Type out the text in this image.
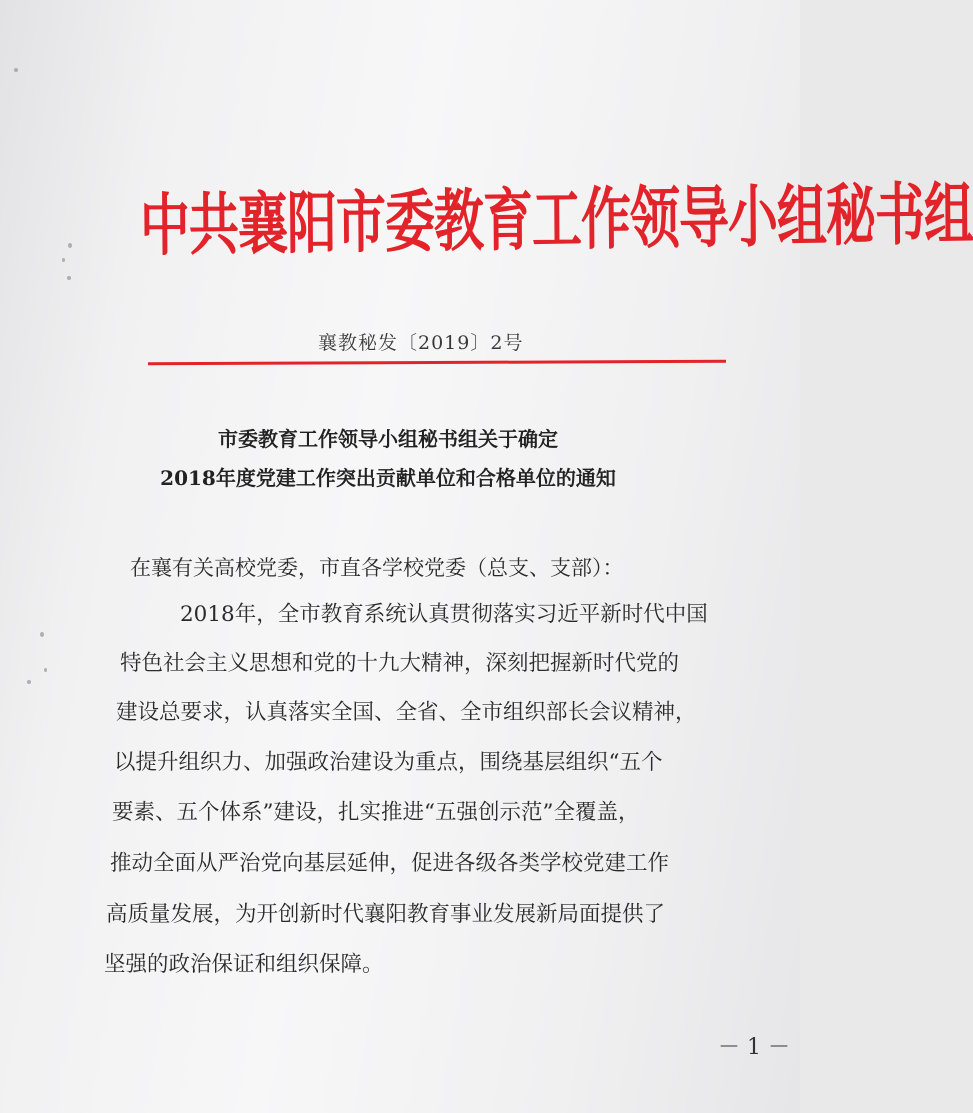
中共襄阳市委教育工作领导小组秘书组
襄教秘发〔2019〕2号
市委教育工作领导小组秘书组关于确定
2018年度党建工作突出贡献单位和合格单位的通知
在襄有关高校党委，市直各学校党委（总支、支部）：

2018年，全市教育系统认真贯彻落实习近平新时代中国

特色社会主义思想和党的十九大精神，深刻把握新时代党的

建设总要求，认真落实全国、全省、全市组织部长会议精神，

以提升组织力、加强政治建设为重点，围绕基层组织“五个

要素、五个体系”建设，扎实推进“五强创示范”全覆盖，

推动全面从严治党向基层延伸，促进各级各类学校党建工作

高质量发展，为开创新时代襄阳教育事业发展新局面提供了

坚强的政治保证和组织保障。

－ 1 －
